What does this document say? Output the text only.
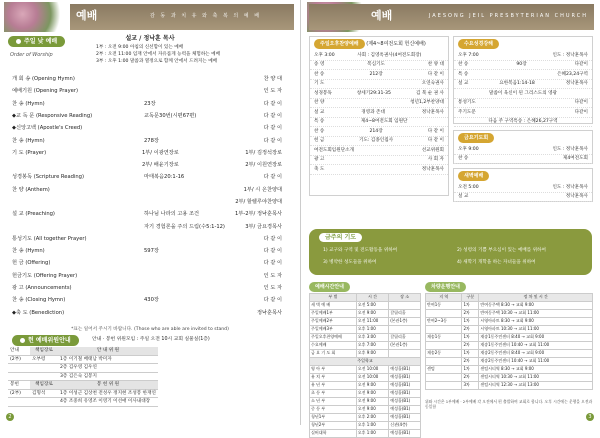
예배	감 동 과 치 유 와 축 복 의 예 배
주일 낮 예배
Order of Worship
설교 / 정낙훈 목사
1부 : 오전 9:00 아침의 신선함이 있는 예배
2부 : 오전 11:00 임재 안에서 자유롭게 능력을 체험하는 예배
3부 : 오후 1:00 말씀과 열정으로 함께 안에서 드려지는 예배
개 회 송 (Opening Hymn)	찬 양 대
예배기원 (Opening Prayer)	인 도 자
찬 송 (Hymn)	23장	다 같 이
◆교 독 문 (Responsive Reading)	교독문30번(시편67편)	다 같 이
◆신앙고백 (Apostle's Creed)	다 같 이
찬 송 (Hymn)	278장	다 같 이
기 도 (Prayer)	1부/ 이광연장로	1부/ 김정석장로
2부/ 배윤기장로	2부/ 이원연장로
성경봉독 (Scripture Reading)	마태복음20:1-16	다 같 이
찬 양 (Anthem)	1부/ 시 온찬양대
2부/ 할렐루야찬양대
설 교 (Preaching)	하나님 나라의 고용 조건	1부-2부/ 정낙훈목사
자기 경험론을 주의 드림(수5:1-12)	3부/ 금요경목사
통성기도 (All together Prayer)	다 같 이
찬 송 (Hymn)	597장	다 같 이
헌 금 (Offering)	다 같 이
헌금기도 (Offering Prayer)	인 도 자
광 고 (Announcements)	인 도 자
찬 송 (Closing Hymn)	430장	다 같 이
◆축 도 (Benediction)	정낙훈목사
*표는 일어서 주시기 바랍니다. (Those who are able are invited to stand)
헌 예배위원안내	안내 · 봉헌 위원모임 : 주일 오전 10시 교회 실물실(1층)
안내	책임장로	안 내 위 원
(2부)	오부령	1층 이기철 배태남 박미자
		2층 김우영 김우연
		3층 김은숙 김봉지
봉헌	책임장로	봉 헌 위 원
(2부)	김형석	1층 이성근 김상천 전성우 정지현 조성봉 한재연
		4층 조중희 유영조 이영기 이선애 이사내대장
2
예배	JAESONG JEIL PRESBYTERIAN CHURCH
주일오후찬양예배 (제4~8여전도회 헌신예배)
오후 3:00	사회 : 김영옥권사(4여전도회장)
송 영	복심기도	찬 양 대
찬 송	212장	다 같 이
기 도	오연숙권사
성경봉독	창세기29:31-35	김 북 순 권 사
찬 양	청년1,2부찬양대
설 교	경영과 존대	정낙훈목사
특 송	제4~8여전도회 임원단
찬 송	214장	다 같 이
헌 금	기도: 김종인집사	다 같 이
여전도회임원단소개	선교위원회
광 고	사 회 자
축 도	정낙훈목사
수요성경강해
오후 7:00	인도 : 정낙훈목사
찬 송	90장	다같이
특 송	은혜23,24구역
설 교	요한복음1:14-18	정낙훈목사
말씀이 육신이 된 그리스도의 영광
통성기도	다같이
주기도문	다같이
다음 주 구역특송 : 은혜26,27구역
금요기도회
오후 9:00	인도 : 정낙훈목사
찬 송	제4여전도회
새벽예배
오전 5:00	인도 : 정낙훈목사
설 교	정낙훈목사
금주의 기도
1) 교구와 구역 및 전도활동을 위하여	2) 성령의 기쁨 부으심이 있는 예배를 위하여
3) 병약한 성도들을 위하여	4) 새학기 개학을 하는 자녀들을 위하여
예배시간안내
부 별	시 간	장 소
새 벽 예 배	오전 5:00	
주일예배1부	오전 9:00	갈릴리홀
주일예배2부	오전 11:00	(본관1층)
주일예배3부	오후 1:00	
주일오후찬양예배	오후 3:00	갈릴리홀
수요예배	오후 7:00	(본관1층)
금 요 기 도 회	오후 9:00	
주일학교		
영 아 부	오전 10:00	예성홀(B1)
유 치 부	오전 10:00	예성홀(B1)
유 년 부	오전 9:00	예성홀(B1)
초 등 부	오전 9:00	예성홀(B1)
소 년 부	오전 9:00	예성홀(B1)
중 등 부	오전 9:00	예성홀(B1)
청년1부	오후 2:00	예성홀(B1)
청년2부	오후 1:00	신관(4층)
실버대학	오후 1:00	예성홀(B1)
차량운행안내
지 역	구분	정 차 및 시 간
반여1동	1차	반여동주택 8:30 → 교회 9:00
	2차	반여동주택 10:30 → 교회 11:00
반여2~3동	1차	시영아파트 8:30 → 교회 9:00
	2차	시영아파트 10:30 → 교회 11:00
재송1동	1차	재송1동주민센터 8:40 → 교회 9:00
	2차	재송1동주민센터 10:40 → 교회 11:00
재송2동	1차	재송2동주민센터 8:40 → 교회 9:00
	2차	재송2동주민센터 10:40 → 교회 11:00
센텀	1차	센텀시티역 8:30 → 교회 9:00
	2차	센텀시티역 10:30 → 교회 11:00
	3차	센텀시티역 12:30 → 교회 13:00
위와 시간은 1부예배 · 2부예배 각 오전에서 편 출발하여 교회로 합니다. 오후 시간에는 운행을 오전과 동일함
3
